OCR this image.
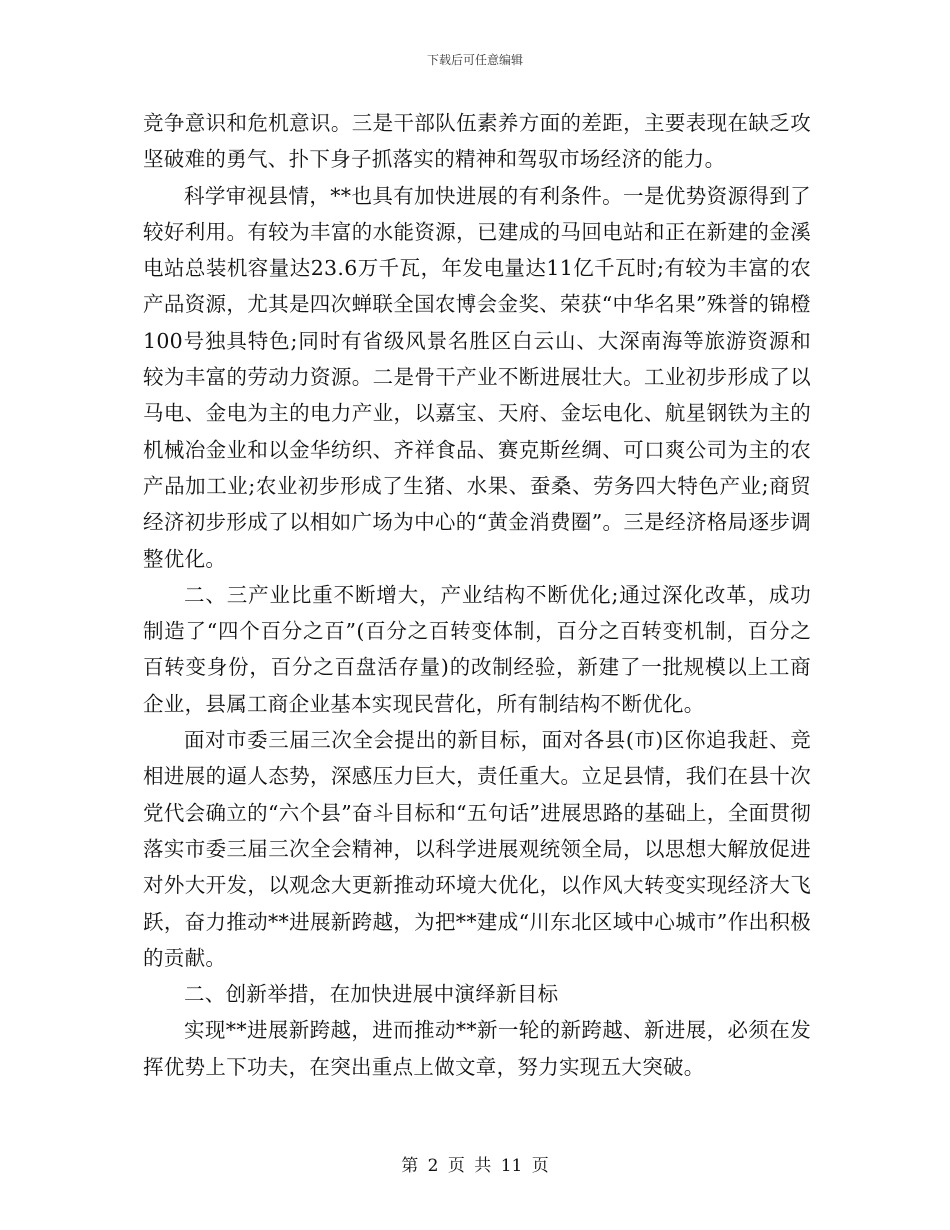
下载后可任意编辑

竞争意识和危机意识。三是干部队伍素养方面的差距，主要表现在缺乏攻坚破难的勇气、扑下身子抓落实的精神和驾驭市场经济的能力。

科学审视县情，**也具有加快进展的有利条件。一是优势资源得到了较好利用。有较为丰富的水能资源，已建成的马回电站和正在新建的金溪电站总装机容量达23.6万千瓦，年发电量达11亿千瓦时;有较为丰富的农产品资源，尤其是四次蝉联全国农博会金奖、荣获“中华名果”殊誉的锦橙100号独具特色;同时有省级风景名胜区白云山、大深南海等旅游资源和较为丰富的劳动力资源。二是骨干产业不断进展壮大。工业初步形成了以马电、金电为主的电力产业，以嘉宝、天府、金坛电化、航星钢铁为主的机械冶金业和以金华纺织、齐祥食品、赛克斯丝绸、可口爽公司为主的农产品加工业;农业初步形成了生猪、水果、蚕桑、劳务四大特色产业;商贸经济初步形成了以相如广场为中心的“黄金消费圈”。三是经济格局逐步调整优化。

二、三产业比重不断增大，产业结构不断优化;通过深化改革，成功制造了“四个百分之百”(百分之百转变体制，百分之百转变机制，百分之百转变身份，百分之百盘活存量)的改制经验，新建了一批规模以上工商企业，县属工商企业基本实现民营化，所有制结构不断优化。

面对市委三届三次全会提出的新目标，面对各县(市)区你追我赶、竞相进展的逼人态势，深感压力巨大，责任重大。立足县情，我们在县十次党代会确立的“六个县”奋斗目标和“五句话”进展思路的基础上，全面贯彻落实市委三届三次全会精神，以科学进展观统领全局，以思想大解放促进对外大开发，以观念大更新推动环境大优化，以作风大转变实现经济大飞跃，奋力推动**进展新跨越，为把**建成“川东北区域中心城市”作出积极的贡献。

二、创新举措，在加快进展中演绎新目标

实现**进展新跨越，进而推动**新一轮的新跨越、新进展，必须在发挥优势上下功夫，在突出重点上做文章，努力实现五大突破。

第 2 页 共 11 页
